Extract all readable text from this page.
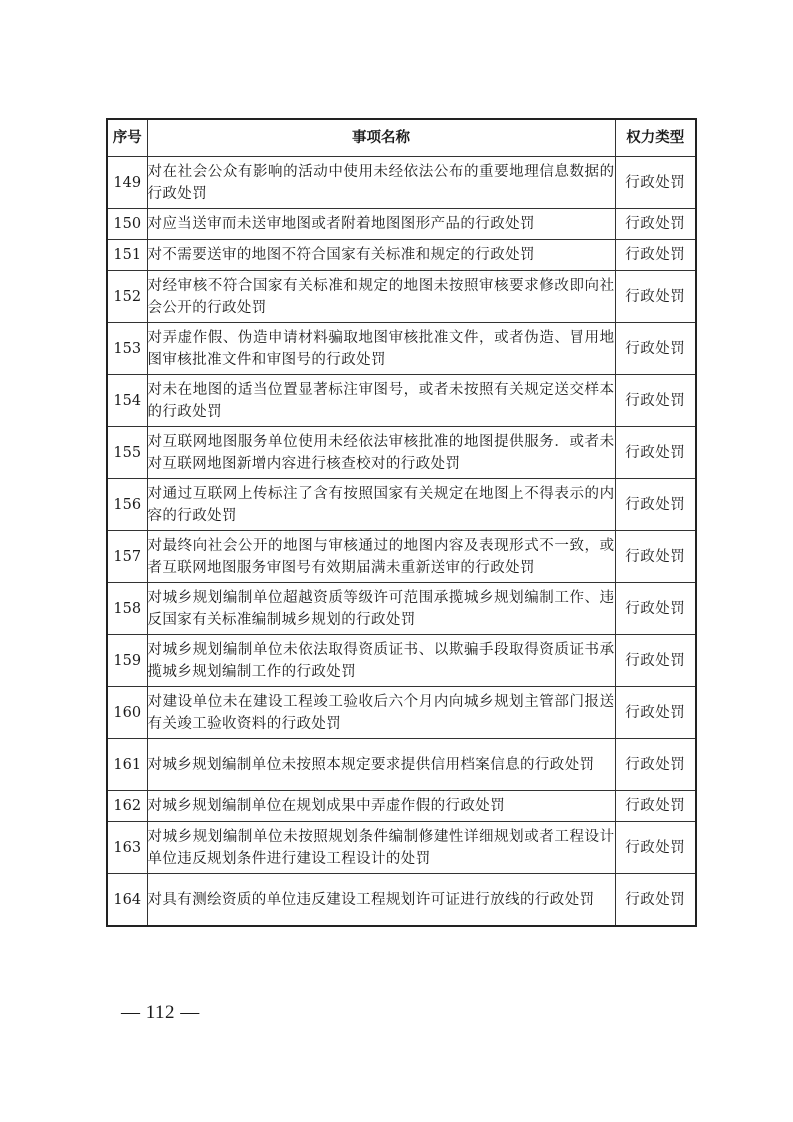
序号	事项名称	权力类型
149	对在社会公众有影响的活动中使用未经依法公布的重要地理信息数据的行政处罚	行政处罚
150	对应当送审而未送审地图或者附着地图图形产品的行政处罚	行政处罚
151	对不需要送审的地图不符合国家有关标准和规定的行政处罚	行政处罚
152	对经审核不符合国家有关标准和规定的地图未按照审核要求修改即向社会公开的行政处罚	行政处罚
153	对弄虚作假、伪造申请材料骗取地图审核批准文件，或者伪造、冒用地图审核批准文件和审图号的行政处罚	行政处罚
154	对未在地图的适当位置显著标注审图号，或者未按照有关规定送交样本的行政处罚	行政处罚
155	对互联网地图服务单位使用未经依法审核批准的地图提供服务．或者未对互联网地图新增内容进行核查校对的行政处罚	行政处罚
156	对通过互联网上传标注了含有按照国家有关规定在地图上不得表示的内容的行政处罚	行政处罚
157	对最终向社会公开的地图与审核通过的地图内容及表现形式不一致，或者互联网地图服务审图号有效期届满未重新送审的行政处罚	行政处罚
158	对城乡规划编制单位超越资质等级许可范围承揽城乡规划编制工作、违反国家有关标准编制城乡规划的行政处罚	行政处罚
159	对城乡规划编制单位未依法取得资质证书、以欺骗手段取得资质证书承揽城乡规划编制工作的行政处罚	行政处罚
160	对建设单位未在建设工程竣工验收后六个月内向城乡规划主管部门报送有关竣工验收资料的行政处罚	行政处罚
161	对城乡规划编制单位未按照本规定要求提供信用档案信息的行政处罚	行政处罚
162	对城乡规划编制单位在规划成果中弄虚作假的行政处罚	行政处罚
163	对城乡规划编制单位未按照规划条件编制修建性详细规划或者工程设计单位违反规划条件进行建设工程设计的处罚	行政处罚
164	对具有测绘资质的单位违反建设工程规划许可证进行放线的行政处罚	行政处罚
— 112 —
